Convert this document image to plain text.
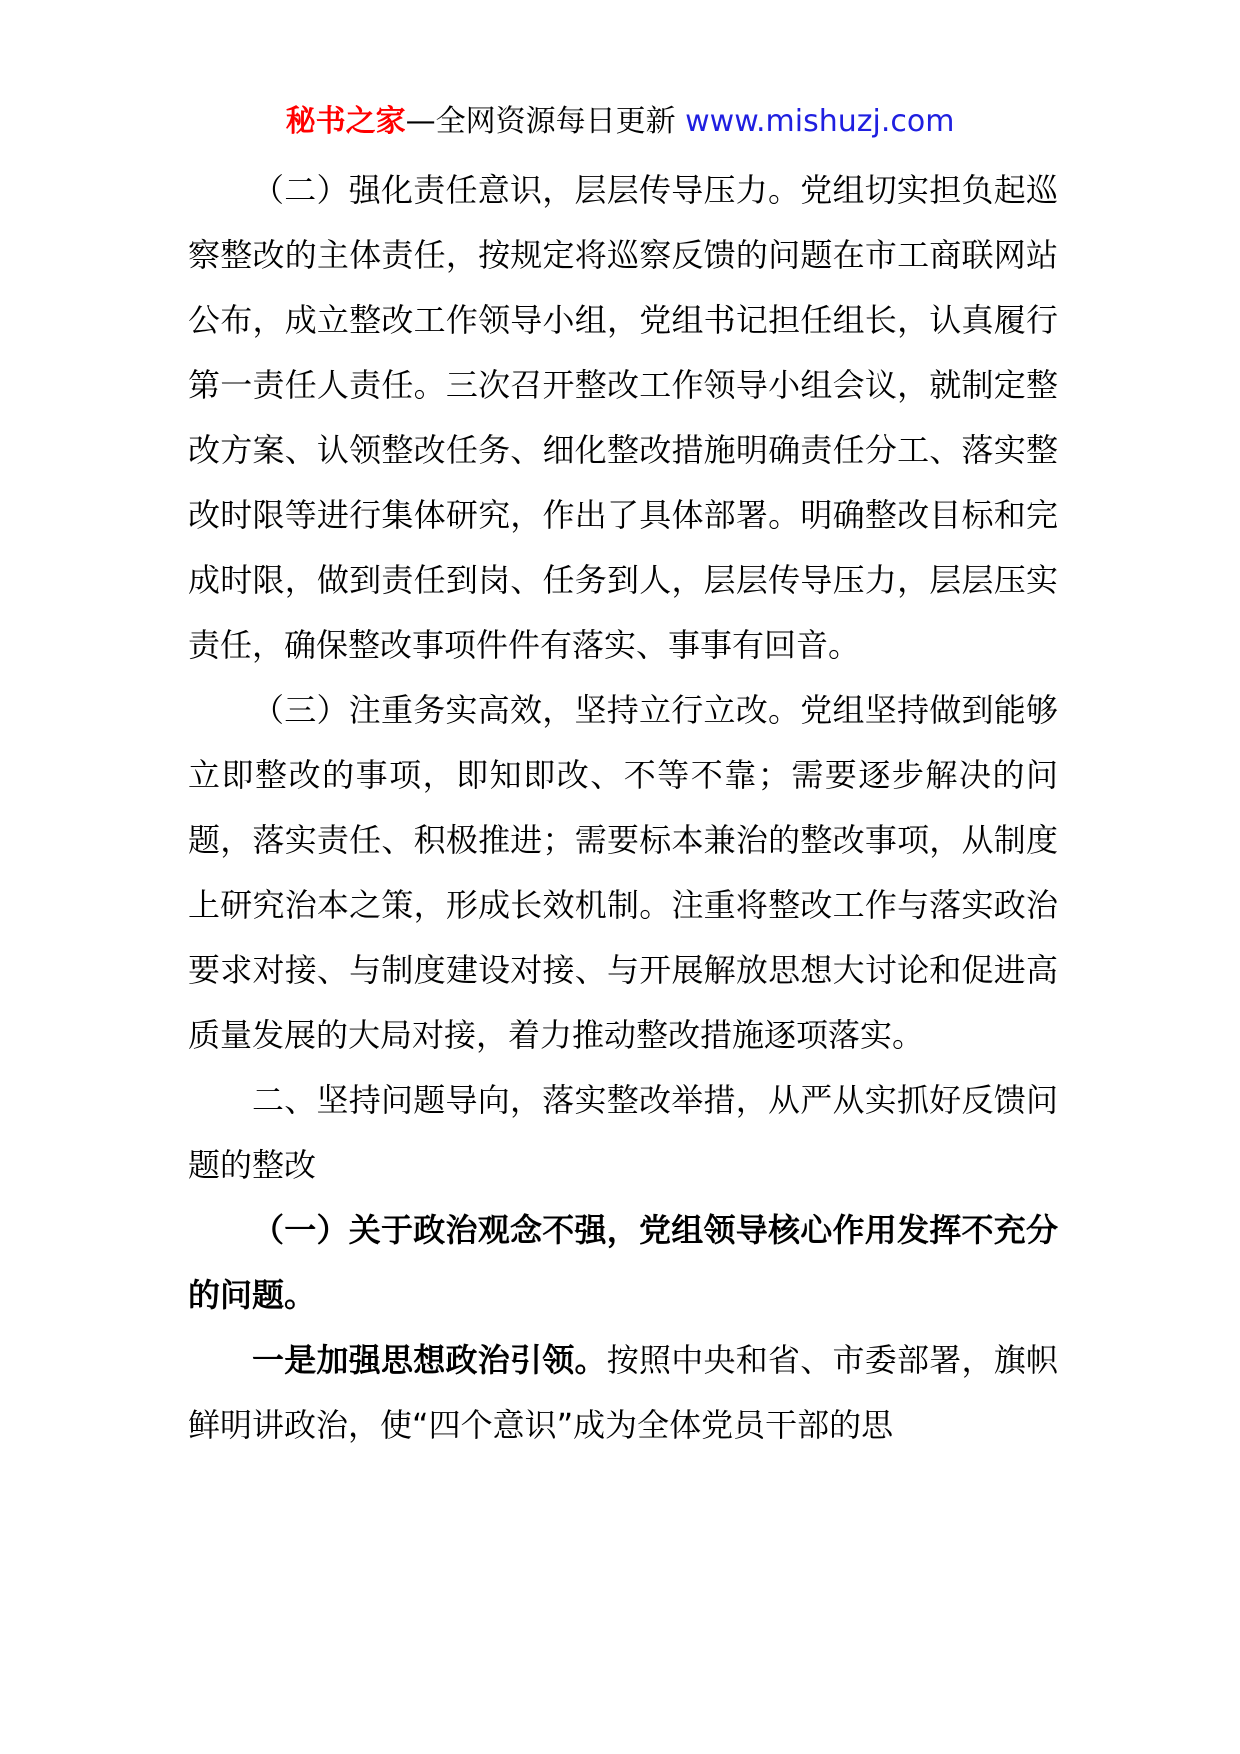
秘书之家—全网资源每日更新 www.mishuzj.com

（二）强化责任意识，层层传导压力。党组切实担负起巡察整改的主体责任，按规定将巡察反馈的问题在市工商联网站公布，成立整改工作领导小组，党组书记担任组长，认真履行第一责任人责任。三次召开整改工作领导小组会议，就制定整改方案、认领整改任务、细化整改措施明确责任分工、落实整改时限等进行集体研究，作出了具体部署。明确整改目标和完成时限，做到责任到岗、任务到人，层层传导压力，层层压实责任，确保整改事项件件有落实、事事有回音。

（三）注重务实高效，坚持立行立改。党组坚持做到能够立即整改的事项，即知即改、不等不靠；需要逐步解决的问题，落实责任、积极推进；需要标本兼治的整改事项，从制度上研究治本之策，形成长效机制。注重将整改工作与落实政治要求对接、与制度建设对接、与开展解放思想大讨论和促进高质量发展的大局对接，着力推动整改措施逐项落实。

二、坚持问题导向，落实整改举措，从严从实抓好反馈问题的整改

（一）关于政治观念不强，党组领导核心作用发挥不充分的问题。

一是加强思想政治引领。按照中央和省、市委部署，旗帜鲜明讲政治，使“四个意识”成为全体党员干部的思
